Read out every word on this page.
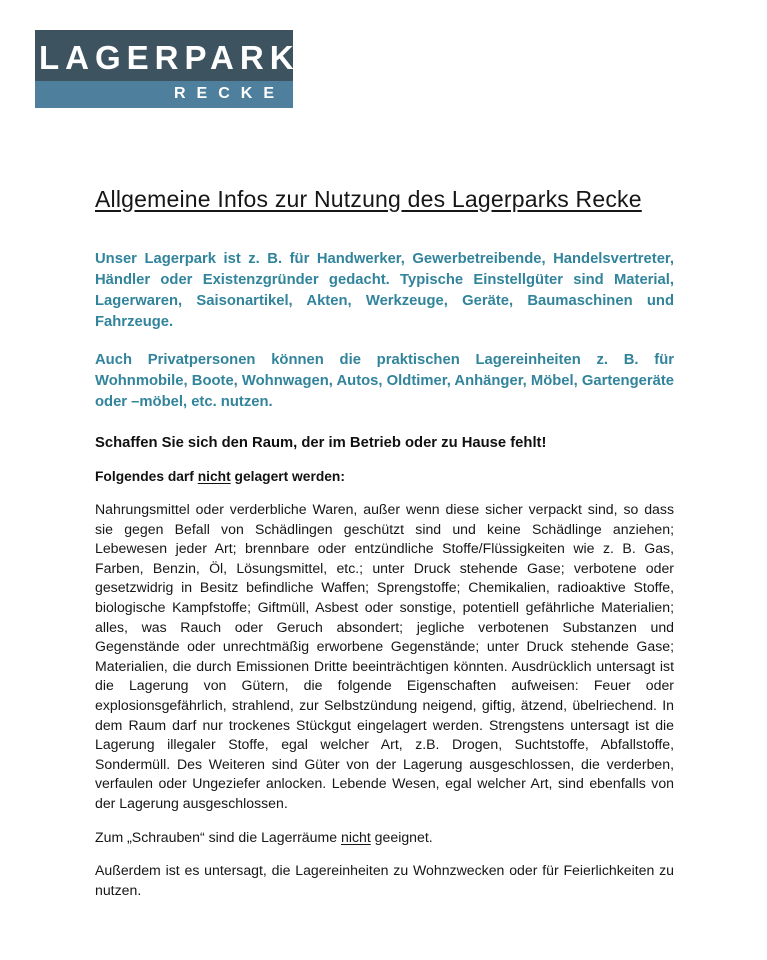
LAGERPARK
RECKE
Allgemeine Infos zur Nutzung des Lagerparks Recke

Unser Lagerpark ist z. B. für Handwerker, Gewerbetreibende, Handelsvertreter, Händler oder Existenzgründer gedacht. Typische Einstellgüter sind Material, Lagerwaren, Saisonartikel, Akten, Werkzeuge, Geräte, Baumaschinen und Fahrzeuge.

Auch Privatpersonen können die praktischen Lagereinheiten z. B. für Wohnmobile, Boote, Wohnwagen, Autos, Oldtimer, Anhänger, Möbel, Gartengeräte oder –möbel, etc. nutzen.

Schaffen Sie sich den Raum, der im Betrieb oder zu Hause fehlt!

Folgendes darf nicht gelagert werden:

Nahrungsmittel oder verderbliche Waren, außer wenn diese sicher verpackt sind, so dass sie gegen Befall von Schädlingen geschützt sind und keine Schädlinge anziehen; Lebewesen jeder Art; brennbare oder entzündliche Stoffe/Flüssigkeiten wie z. B. Gas, Farben, Benzin, Öl, Lösungsmittel, etc.; unter Druck stehende Gase; verbotene oder gesetzwidrig in Besitz befindliche Waffen; Sprengstoffe; Chemikalien, radioaktive Stoffe, biologische Kampfstoffe; Giftmüll, Asbest oder sonstige, potentiell gefährliche Materialien; alles, was Rauch oder Geruch absondert; jegliche verbotenen Substanzen und Gegenstände oder unrechtmäßig erworbene Gegenstände; unter Druck stehende Gase; Materialien, die durch Emissionen Dritte beeinträchtigen könnten. Ausdrücklich untersagt ist die Lagerung von Gütern, die folgende Eigenschaften aufweisen: Feuer oder explosionsgefährlich, strahlend, zur Selbstzündung neigend, giftig, ätzend, übelriechend. In dem Raum darf nur trockenes Stückgut eingelagert werden. Strengstens untersagt ist die Lagerung illegaler Stoffe, egal welcher Art, z.B. Drogen, Suchtstoffe, Abfallstoffe, Sondermüll. Des Weiteren sind Güter von der Lagerung ausgeschlossen, die verderben, verfaulen oder Ungeziefer anlocken. Lebende Wesen, egal welcher Art, sind ebenfalls von der Lagerung ausgeschlossen.

Zum „Schrauben“ sind die Lagerräume nicht geeignet.

Außerdem ist es untersagt, die Lagereinheiten zu Wohnzwecken oder für Feierlichkeiten zu nutzen.
